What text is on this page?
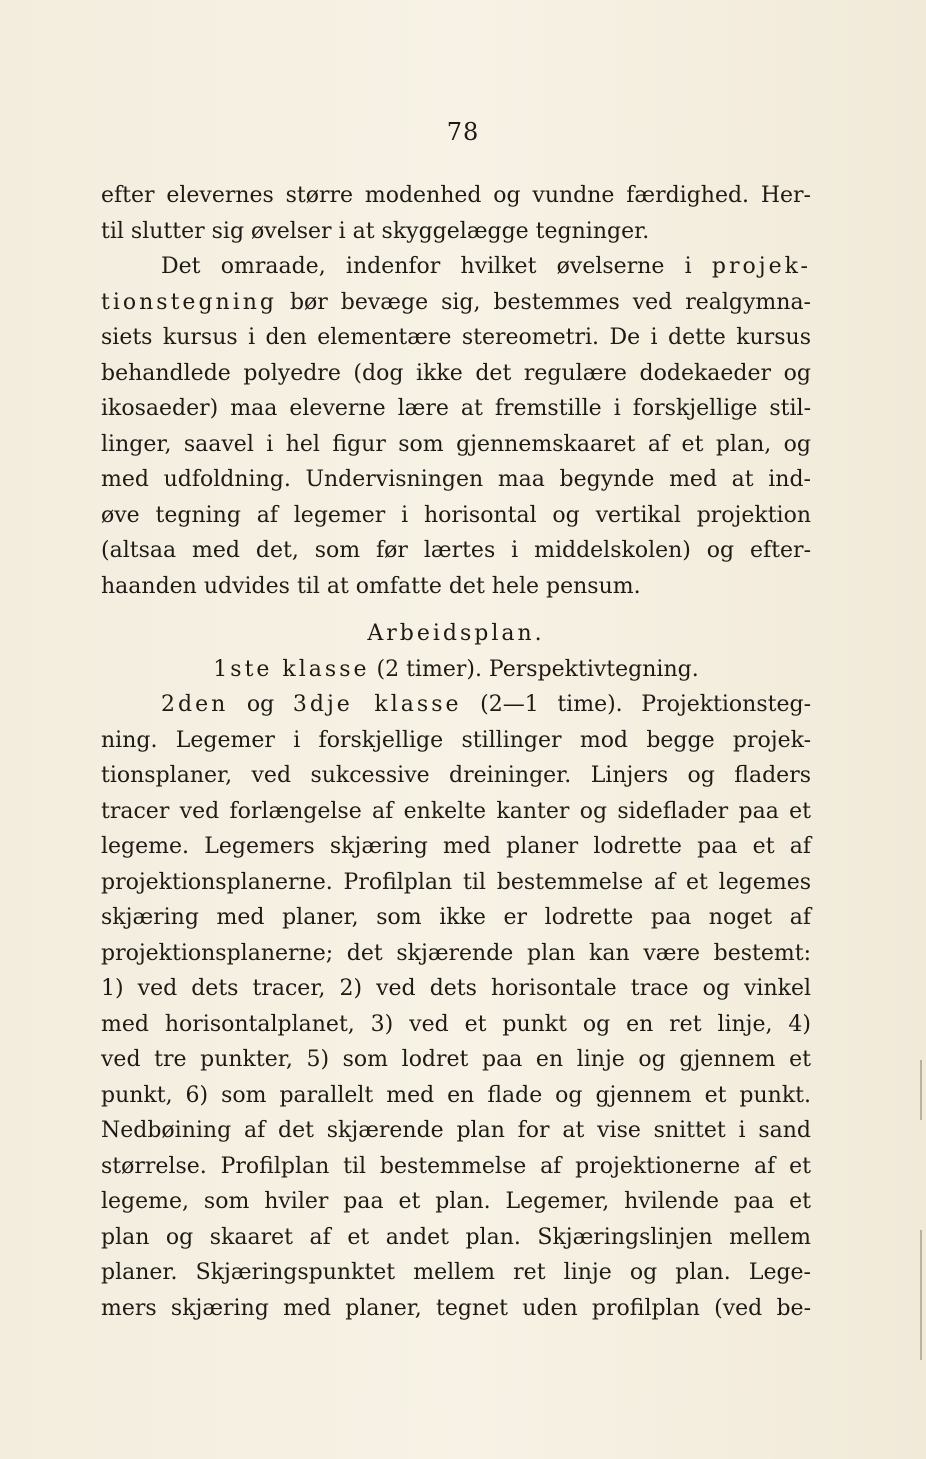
78
efter elevernes større modenhed og vundne færdighed. Her-
til slutter sig øvelser i at skyggelægge tegninger.
Det omraade, indenfor hvilket øvelserne i projek-
tionstegning bør bevæge sig, bestemmes ved realgymna-
siets kursus i den elementære stereometri. De i dette kursus
behandlede polyedre (dog ikke det regulære dodekaeder og
ikosaeder) maa eleverne lære at fremstille i forskjellige stil-
linger, saavel i hel figur som gjennemskaaret af et plan, og
med udfoldning. Undervisningen maa begynde med at ind-
øve tegning af legemer i horisontal og vertikal projektion
(altsaa med det, som før lærtes i middelskolen) og efter-
haanden udvides til at omfatte det hele pensum.
Arbeidsplan.
1ste klasse (2 timer). Perspektivtegning.
2den og 3dje klasse (2—1 time). Projektionsteg-
ning. Legemer i forskjellige stillinger mod begge projek-
tionsplaner, ved sukcessive dreininger. Linjers og fladers
tracer ved forlængelse af enkelte kanter og sideflader paa et
legeme. Legemers skjæring med planer lodrette paa et af
projektionsplanerne. Profilplan til bestemmelse af et legemes
skjæring med planer, som ikke er lodrette paa noget af
projektionsplanerne; det skjærende plan kan være bestemt:
1) ved dets tracer, 2) ved dets horisontale trace og vinkel
med horisontalplanet, 3) ved et punkt og en ret linje, 4)
ved tre punkter, 5) som lodret paa en linje og gjennem et
punkt, 6) som parallelt med en flade og gjennem et punkt.
Nedbøining af det skjærende plan for at vise snittet i sand
størrelse. Profilplan til bestemmelse af projektionerne af et
legeme, som hviler paa et plan. Legemer, hvilende paa et
plan og skaaret af et andet plan. Skjæringslinjen mellem
planer. Skjæringspunktet mellem ret linje og plan. Lege-
mers skjæring med planer, tegnet uden profilplan (ved be-
